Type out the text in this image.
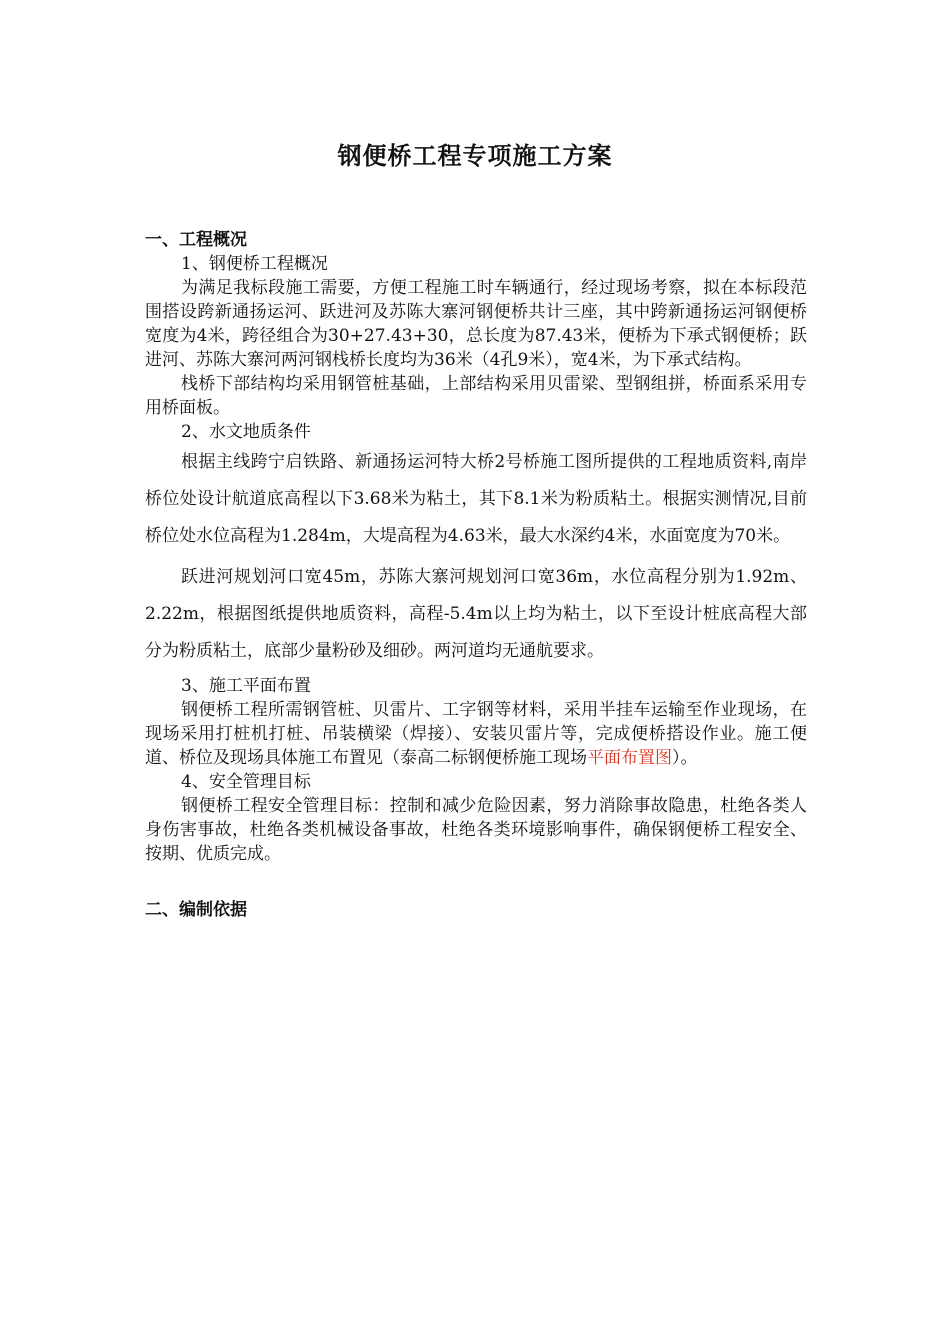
钢便桥工程专项施工方案

一、工程概况

1、钢便桥工程概况

为满足我标段施工需要，方便工程施工时车辆通行，经过现场考察，拟在本标段范围搭设跨新通扬运河、跃进河及苏陈大寨河钢便桥共计三座，其中跨新通扬运河钢便桥宽度为4米，跨径组合为30+27.43+30，总长度为87.43米，便桥为下承式钢便桥；跃进河、苏陈大寨河两河钢栈桥长度均为36米（4孔9米），宽4米，为下承式结构。

栈桥下部结构均采用钢管桩基础，上部结构采用贝雷梁、型钢组拼，桥面系采用专用桥面板。

2、水文地质条件

根据主线跨宁启铁路、新通扬运河特大桥2号桥施工图所提供的工程地质资料,南岸桥位处设计航道底高程以下3.68米为粘土，其下8.1米为粉质粘土。根据实测情况,目前桥位处水位高程为1.284m，大堤高程为4.63米，最大水深约4米，水面宽度为70米。

跃进河规划河口宽45m，苏陈大寨河规划河口宽36m，水位高程分别为1.92m、2.22m，根据图纸提供地质资料，高程-5.4m以上均为粘土，以下至设计桩底高程大部分为粉质粘土，底部少量粉砂及细砂。两河道均无通航要求。

3、施工平面布置

钢便桥工程所需钢管桩、贝雷片、工字钢等材料，采用半挂车运输至作业现场，在现场采用打桩机打桩、吊装横梁（焊接）、安装贝雷片等，完成便桥搭设作业。施工便道、桥位及现场具体施工布置见（泰高二标钢便桥施工现场平面布置图）。

4、安全管理目标

钢便桥工程安全管理目标：控制和减少危险因素，努力消除事故隐患，杜绝各类人身伤害事故，杜绝各类机械设备事故，杜绝各类环境影响事件，确保钢便桥工程安全、按期、优质完成。

二、编制依据
